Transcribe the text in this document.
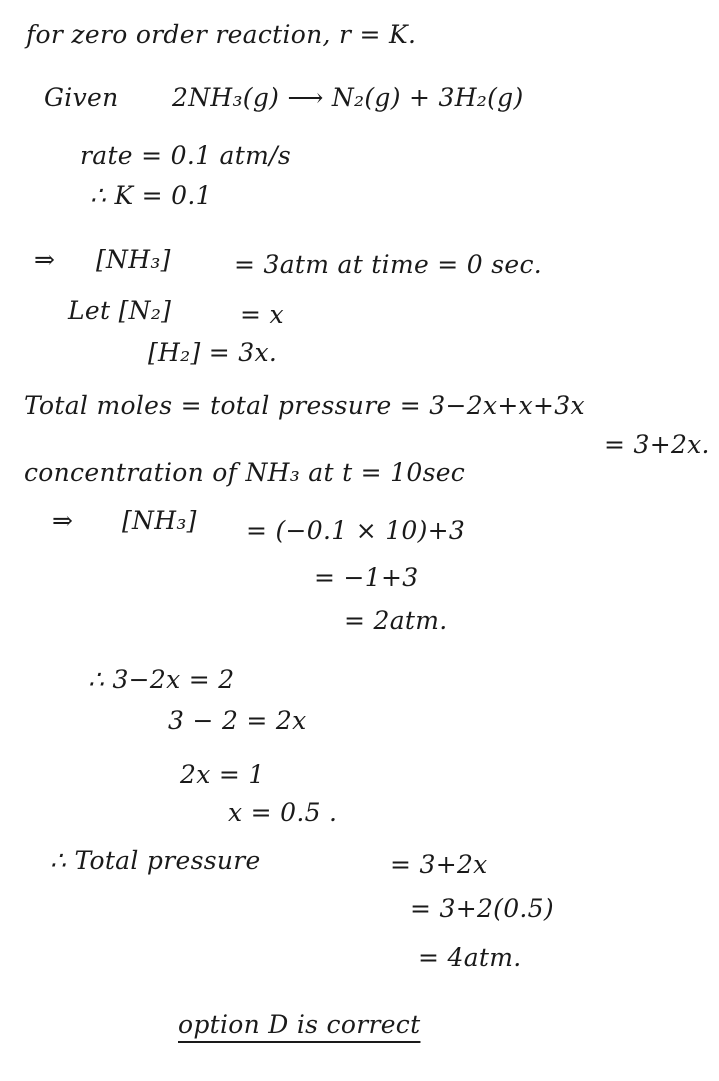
for zero order reaction, r = K.
Given 2NH₃(g) ⟶ N₂(g) + 3H₂(g)
rate = 0.1 atm/s
∴ K = 0.1
⇒ [NH₃]	= 3atm at time = 0 sec.
Let [N₂]	= x
[H₂] = 3x.
Total moles = total pressure = 3−2x+x+3x
= 3+2x.
concentration of NH₃ at t = 10sec
⇒ [NH₃] = (−0.1 × 10)+3
= −1+3
= 2atm.
∴ 3−2x = 2
3 − 2 = 2x
2x = 1
x = 0.5 .
∴ Total pressure	= 3+2x
= 3+2(0.5)
= 4atm.
option D is correct
